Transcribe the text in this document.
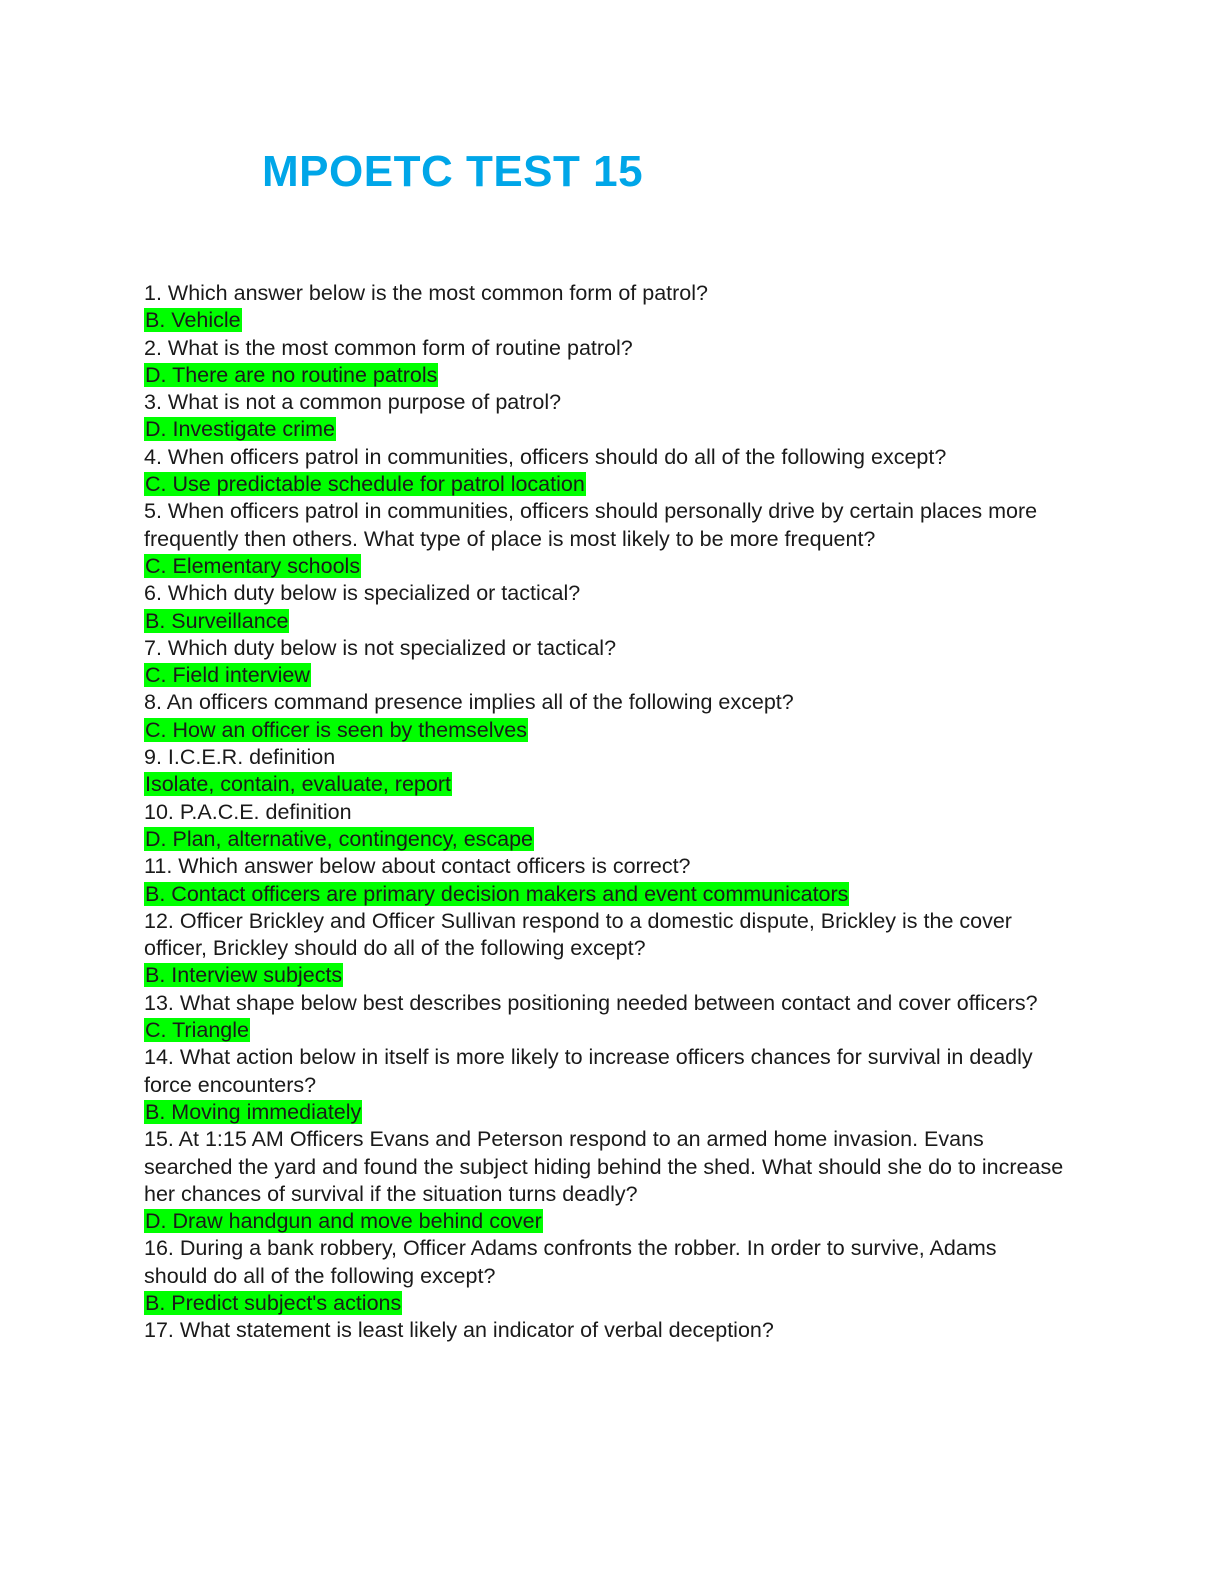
MPOETC TEST 15
1. Which answer below is the most common form of patrol?
B. Vehicle
2. What is the most common form of routine patrol?
D. There are no routine patrols
3. What is not a common purpose of patrol?
D. Investigate crime
4. When officers patrol in communities, officers should do all of the following except?
C. Use predictable schedule for patrol location
5. When officers patrol in communities, officers should personally drive by certain places more frequently then others. What type of place is most likely to be more frequent?
C. Elementary schools
6. Which duty below is specialized or tactical?
B. Surveillance
7. Which duty below is not specialized or tactical?
C. Field interview
8. An officers command presence implies all of the following except?
C. How an officer is seen by themselves
9. I.C.E.R. definition
Isolate, contain, evaluate, report
10. P.A.C.E. definition
D. Plan, alternative, contingency, escape
11. Which answer below about contact officers is correct?
B. Contact officers are primary decision makers and event communicators
12. Officer Brickley and Officer Sullivan respond to a domestic dispute, Brickley is the cover officer, Brickley should do all of the following except?
B. Interview subjects
13. What shape below best describes positioning needed between contact and cover officers?
C. Triangle
14. What action below in itself is more likely to increase officers chances for survival in deadly force encounters?
B. Moving immediately
15. At 1:15 AM Officers Evans and Peterson respond to an armed home invasion. Evans searched the yard and found the subject hiding behind the shed. What should she do to increase her chances of survival if the situation turns deadly?
D. Draw handgun and move behind cover
16. During a bank robbery, Officer Adams confronts the robber. In order to survive, Adams should do all of the following except?
B. Predict subject's actions
17. What statement is least likely an indicator of verbal deception?
